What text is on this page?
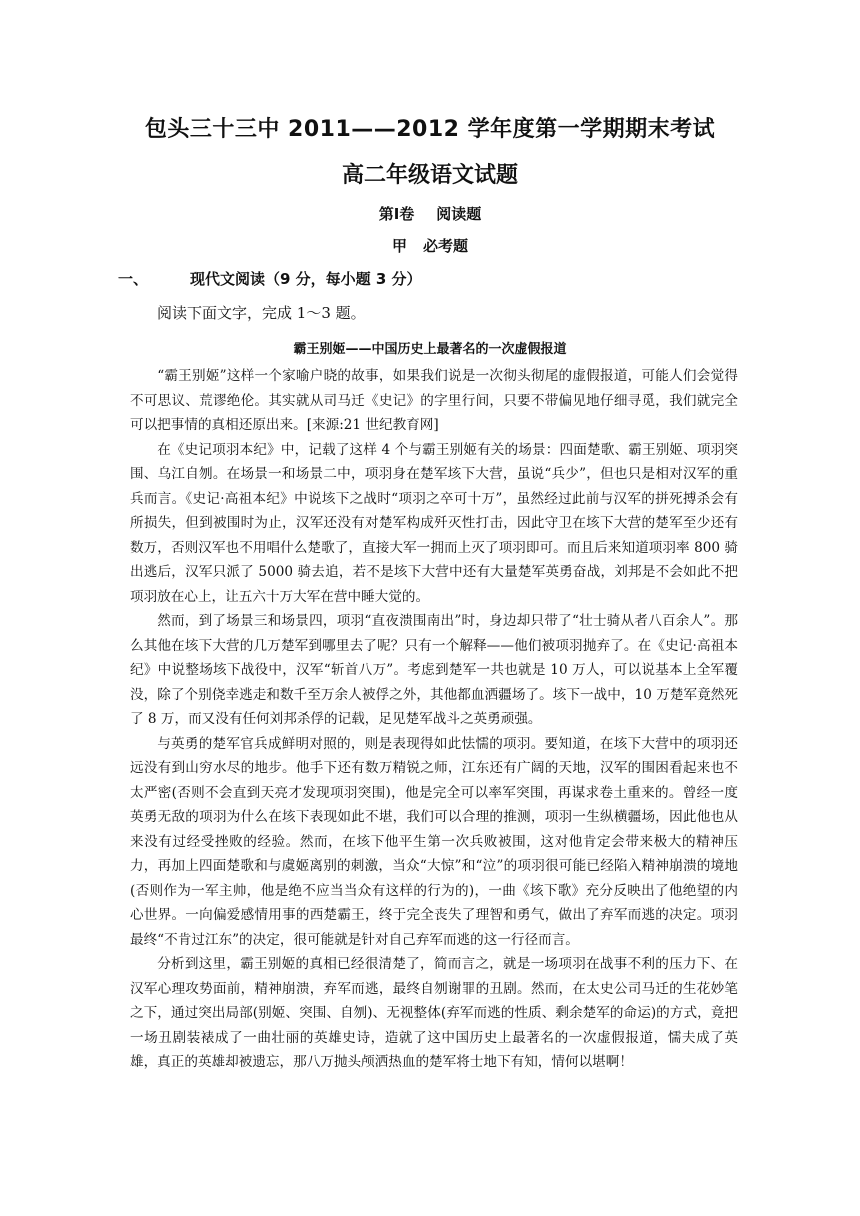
包头三十三中 2011——2012 学年度第一学期期末考试
高二年级语文试题
第Ⅰ卷 阅读题
甲 必考题
一、	现代文阅读（9 分，每小题 3 分）
阅读下面文字，完成 1～3 题。
霸王别姬——中国历史上最著名的一次虚假报道

“霸王别姬”这样一个家喻户晓的故事，如果我们说是一次彻头彻尾的虚假报道，可能人们会觉得不可思议、荒谬绝伦。其实就从司马迁《史记》的字里行间，只要不带偏见地仔细寻觅，我们就完全可以把事情的真相还原出来。[来源:21 世纪教育网]

在《史记项羽本纪》中，记载了这样 4 个与霸王别姬有关的场景：四面楚歌、霸王别姬、项羽突围、乌江自刎。在场景一和场景二中，项羽身在楚军垓下大营，虽说“兵少”，但也只是相对汉军的重兵而言。《史记·高祖本纪》中说垓下之战时“项羽之卒可十万”，虽然经过此前与汉军的拼死搏杀会有所损失，但到被围时为止，汉军还没有对楚军构成歼灭性打击，因此守卫在垓下大营的楚军至少还有数万，否则汉军也不用唱什么楚歌了，直接大军一拥而上灭了项羽即可。而且后来知道项羽率 800 骑出逃后，汉军只派了 5000 骑去追，若不是垓下大营中还有大量楚军英勇奋战，刘邦是不会如此不把项羽放在心上，让五六十万大军在营中睡大觉的。

然而，到了场景三和场景四，项羽“直夜溃围南出”时，身边却只带了“壮士骑从者八百余人”。那么其他在垓下大营的几万楚军到哪里去了呢？只有一个解释——他们被项羽抛弃了。在《史记·高祖本纪》中说整场垓下战役中，汉军“斩首八万”。考虑到楚军一共也就是 10 万人，可以说基本上全军覆没，除了个别侥幸逃走和数千至万余人被俘之外，其他都血洒疆场了。垓下一战中，10 万楚军竟然死了 8 万，而又没有任何刘邦杀俘的记载，足见楚军战斗之英勇顽强。

与英勇的楚军官兵成鲜明对照的，则是表现得如此怯懦的项羽。要知道，在垓下大营中的项羽还远没有到山穷水尽的地步。他手下还有数万精锐之师，江东还有广阔的天地，汉军的围困看起来也不太严密(否则不会直到天亮才发现项羽突围)，他是完全可以率军突围，再谋求卷土重来的。曾经一度英勇无敌的项羽为什么在垓下表现如此不堪，我们可以合理的推测，项羽一生纵横疆场，因此他也从来没有过经受挫败的经验。然而，在垓下他平生第一次兵败被围，这对他肯定会带来极大的精神压力，再加上四面楚歌和与虞姬离别的刺激，当众“大惊”和“泣”的项羽很可能已经陷入精神崩溃的境地(否则作为一军主帅，他是绝不应当当众有这样的行为的)，一曲《垓下歌》充分反映出了他绝望的内心世界。一向偏爱感情用事的西楚霸王，终于完全丧失了理智和勇气，做出了弃军而逃的决定。项羽最终“不肯过江东”的决定，很可能就是针对自己弃军而逃的这一行径而言。

分析到这里，霸王别姬的真相已经很清楚了，简而言之，就是一场项羽在战事不利的压力下、在汉军心理攻势面前，精神崩溃，弃军而逃，最终自刎谢罪的丑剧。然而，在太史公司马迁的生花妙笔之下，通过突出局部(别姬、突围、自刎)、无视整体(弃军而逃的性质、剩余楚军的命运)的方式，竟把一场丑剧装裱成了一曲壮丽的英雄史诗，造就了这中国历史上最著名的一次虚假报道，懦夫成了英雄，真正的英雄却被遗忘，那八万抛头颅洒热血的楚军将士地下有知，情何以堪啊！
